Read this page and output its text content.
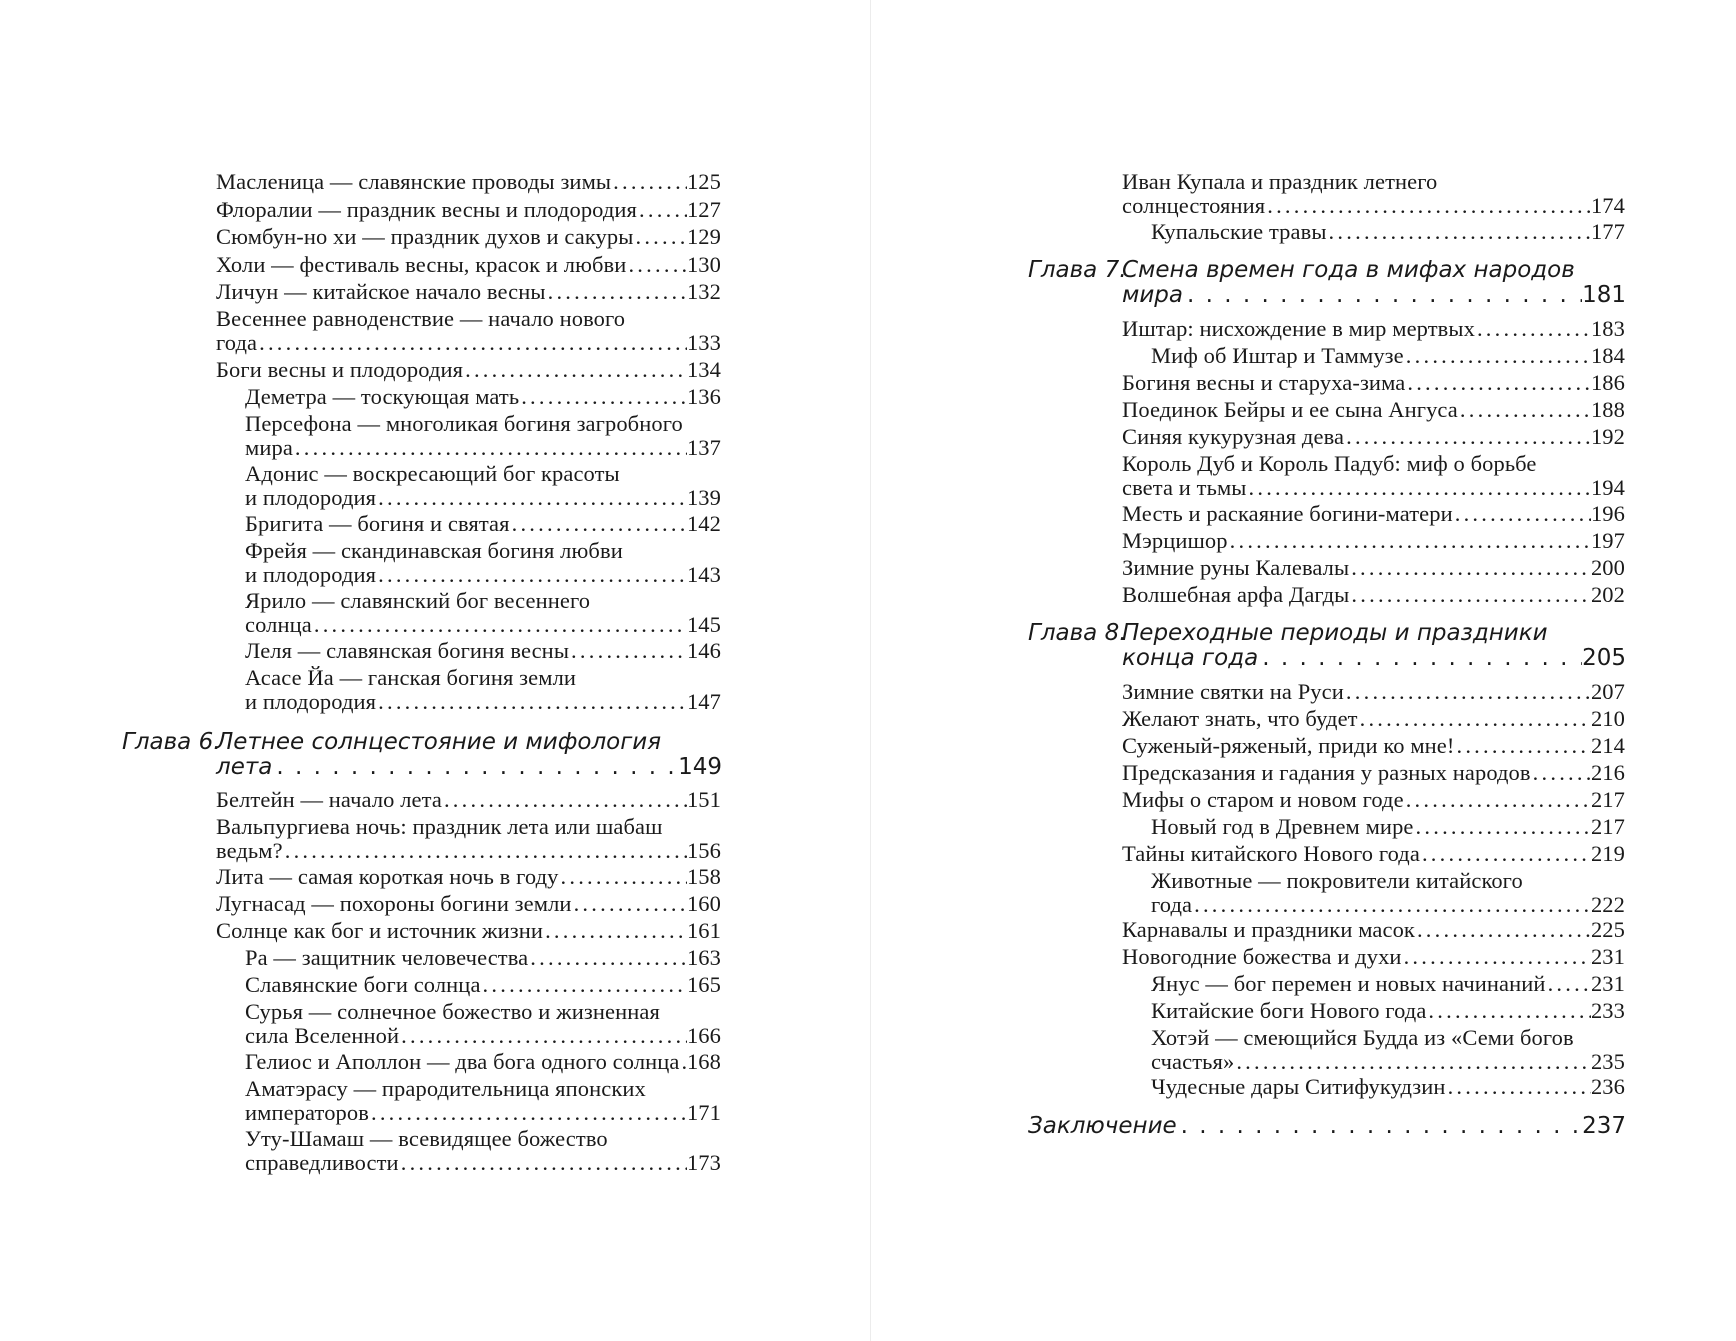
Масленица — славянские проводы зимы . . .	125
Флоралии — праздник весны и плодородия . . . 127
Сюмбун-но хи — праздник духов и сакуры . . . 129
Холи — фестиваль весны, красок и любви . . .	130
Личун — китайское начало весны . . .	132
Весеннее равноденствие — начало нового
года . . .	133
Боги весны и плодородия . . .	134
Деметра — тоскующая мать . . .	136
Персефона — многоликая богиня загробного
мира . . .	137
Адонис — воскресающий бог красоты
и плодородия . . .	139
Бригита — богиня и святая . . .	142
Фрейя — скандинавская богиня любви
и плодородия . . .	143
Ярило — славянский бог весеннего
солнца . . .	145
Леля — славянская богиня весны . . .	146
Асасе Йа — ганская богиня земли
и плодородия . . .	147
Глава 6.
Летнее солнцестояние и мифология
лета . . .	149
Белтейн — начало лета . . .	151
Вальпургиева ночь: праздник лета или шабаш
ведьм? . . .	156
Лита — самая короткая ночь в году . . .	158
Лугнасад — похороны богини земли . . .	160
Солнце как бог и источник жизни . . .	161
Ра — защитник человечества . . .	163
Славянские боги солнца . . .	165
Сурья — солнечное божество и жизненная
сила Вселенной . . .	166
Гелиос и Аполлон — два бога одного солнца . . . 168
Аматэрасу — прародительница японских
императоров . . .	171
Уту-Шамаш — всевидящее божество
справедливости . . .	173
Иван Купала и праздник летнего
солнцестояния . . .	174
Купальские травы . . .	177
Глава 7.
Смена времен года в мифах народов
мира . . .	181
Иштар: нисхождение в мир мертвых . . .	183
Миф об Иштар и Таммузе . . .	184
Богиня весны и старуха-зима . . .	186
Поединок Бейры и ее сына Ангуса . . .	188
Синяя кукурузная дева . . .	192
Король Дуб и Король Падуб: миф о борьбе
света и тьмы . . .	194
Месть и раскаяние богини-матери . . .	196
Мэрцишор . . .	197
Зимние руны Калевалы . . .	200
Волшебная арфа Дагды . . .	202
Глава 8.
Переходные периоды и праздники
конца года . . .	205
Зимние святки на Руси . . .	207
Желают знать, что будет . . .	210
Суженый-ряженый, приди ко мне! . . .	214
Предсказания и гадания у разных народов . . .	216
Мифы о старом и новом годе . . .	217
Новый год в Древнем мире . . .	217
Тайны китайского Нового года . . .	219
Животные — покровители китайского
года . . .	222
Карнавалы и праздники масок . . .	225
Новогодние божества и духи . . .	231
Янус — бог перемен и новых начинаний . . . 231
Китайские боги Нового года . . .	233
Хотэй — смеющийся Будда из «Семи богов
счастья» . . .	235
Чудесные дары Ситифукудзин . . .	236
Заключение . . .	237
